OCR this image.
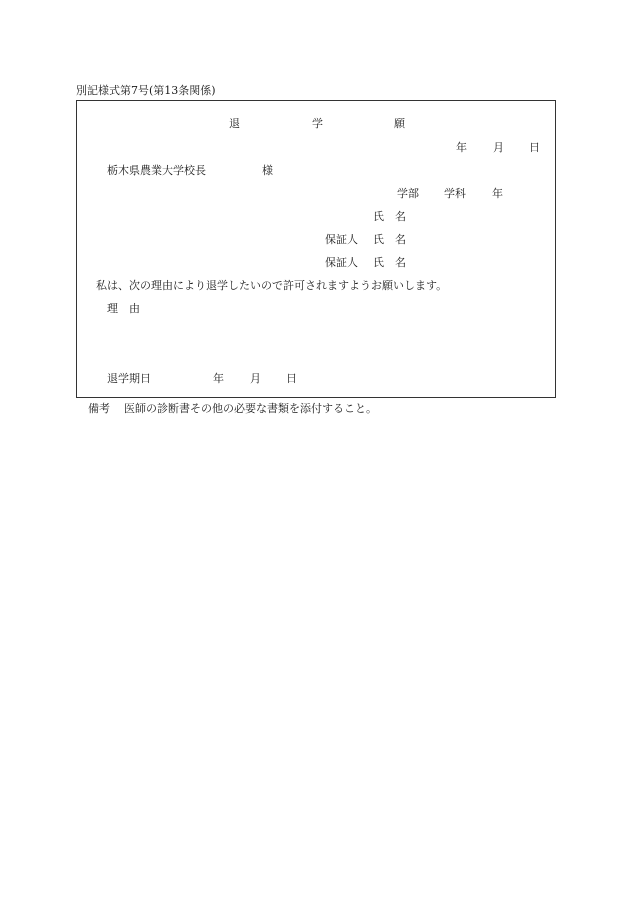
別記様式第7号(第13条関係)
退	学	願
年 月 日
栃木県農業大学校長	様
学部 学科 年
氏　名
保証人 氏　名
保証人 氏　名
私は、次の理由により退学したいので許可されますようお願いします。
理　由
退学期日	年 月 日
備考 医師の診断書その他の必要な書類を添付すること。
